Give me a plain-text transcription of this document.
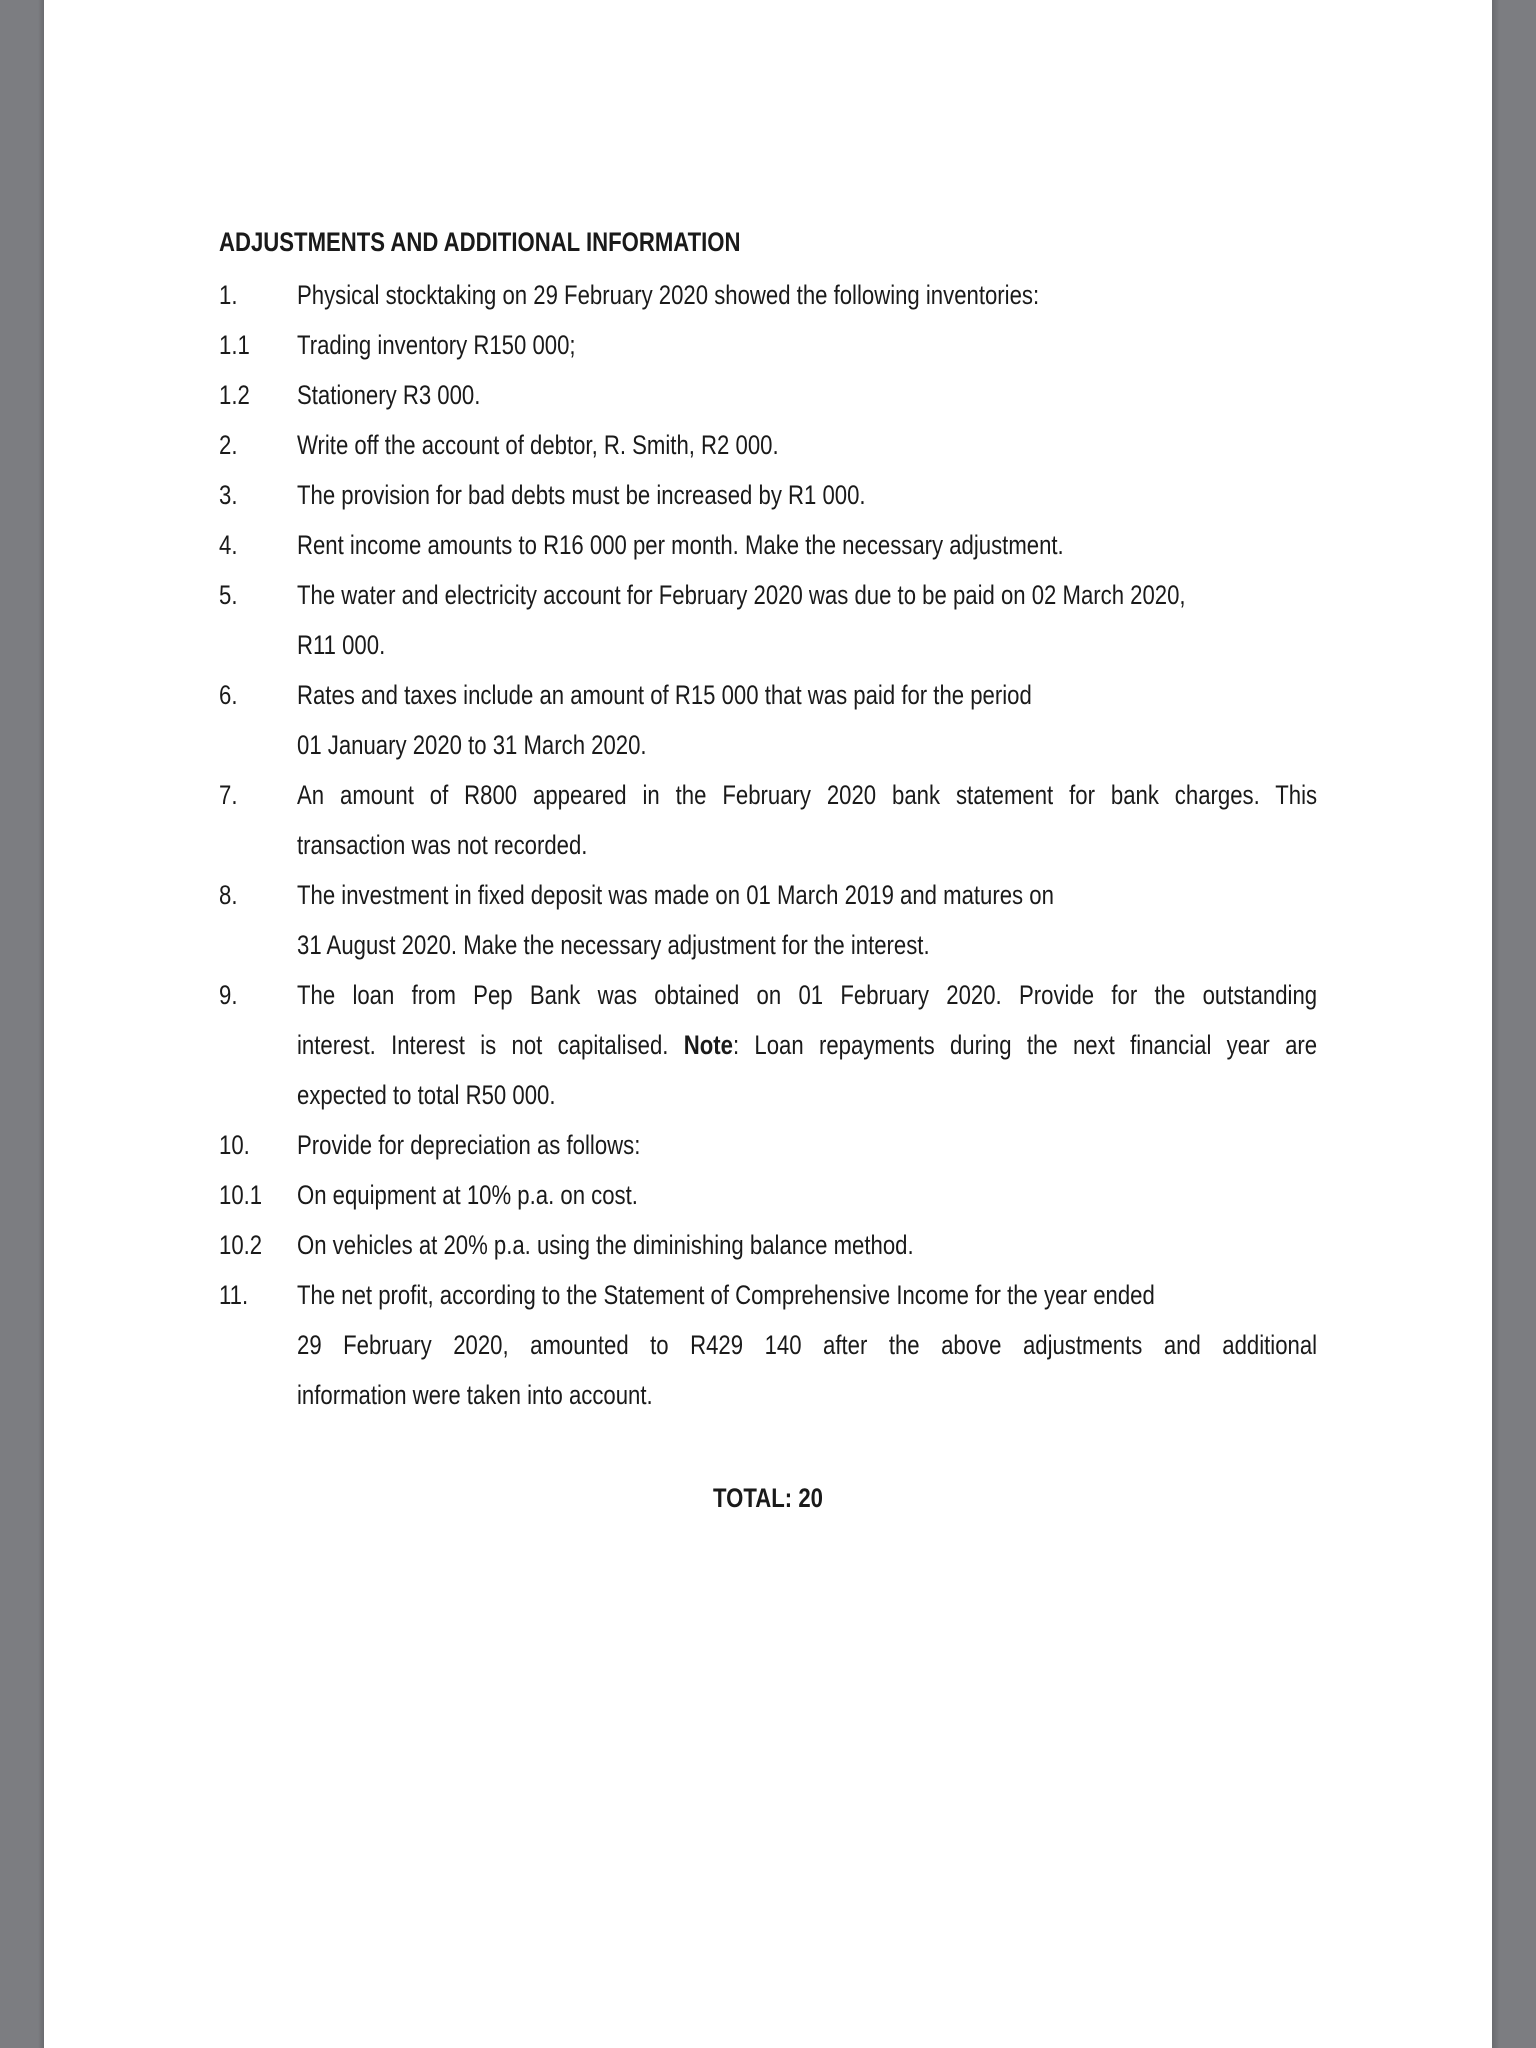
ADJUSTMENTS AND ADDITIONAL INFORMATION
1.	Physical stocktaking on 29 February 2020 showed the following inventories:
1.1	Trading inventory R150 000;
1.2	Stationery R3 000.
2.	Write off the account of debtor, R. Smith, R2 000.
3.	The provision for bad debts must be increased by R1 000.
4.	Rent income amounts to R16 000 per month. Make the necessary adjustment.
5.	The water and electricity account for February 2020 was due to be paid on 02 March 2020,
R11 000.
6.	Rates and taxes include an amount of R15 000 that was paid for the period
01 January 2020 to 31 March 2020.
7.	An amount of R800 appeared in the February 2020 bank statement for bank charges. This
transaction was not recorded.
8.	The investment in fixed deposit was made on 01 March 2019 and matures on
31 August 2020. Make the necessary adjustment for the interest.
9.	The loan from Pep Bank was obtained on 01 February 2020. Provide for the outstanding
interest. Interest is not capitalised. Note: Loan repayments during the next financial year are
expected to total R50 000.
10.	Provide for depreciation as follows:
10.1	On equipment at 10% p.a. on cost.
10.2	On vehicles at 20% p.a. using the diminishing balance method.
11.	The net profit, according to the Statement of Comprehensive Income for the year ended
29 February 2020, amounted to R429 140 after the above adjustments and additional
information were taken into account.
TOTAL: 20
